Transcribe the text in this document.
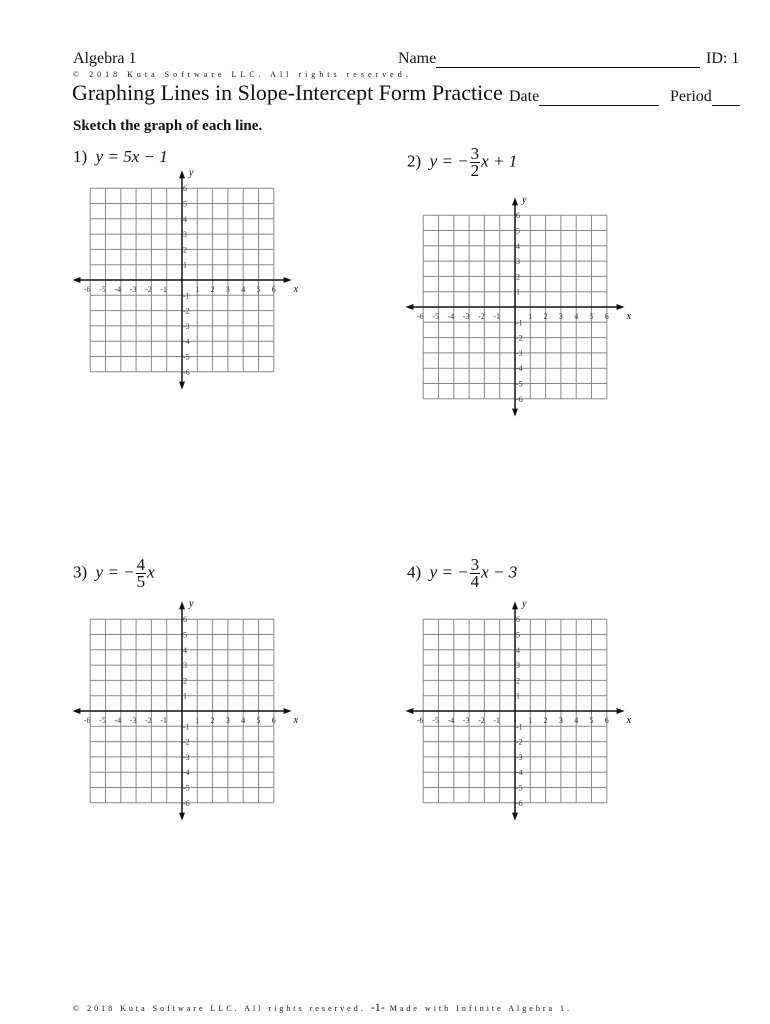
Algebra 1	Name	ID: 1
© 2018 Kuta Software LLC. All rights reserved.
Graphing Lines in Slope-Intercept Form Practice Date	Period
Sketch the graph of each line.
1) y = 5x − 1	2) y = − $\frac{3}{2}$ x + 1
3) y = − $\frac{4}{5}$ x	4) y = − $\frac{3}{4}$ x − 3
-6
-6
-5
-5
-4
-4
-3
-3
-2
-2
-1
-1
1
1
2
2
3
3
4
4
5
5
6
6
x
y
-6
-6
-5
-5
-4
-4
-3
-3
-2
-2
-1
-1
1
1
2
2
3
3
4
4
5
5
6
6
x
y
-6
-6
-5
-5
-4
-4
-3
-3
-2
-2
-1
-1
1
1
2
2
3
3
4
4
5
5
6
6
x
y
-6
-6
-5
-5
-4
-4
-3
-3
-2
-2
-1
-1
1
1
2
2
3
3
4
4
5
5
6
6
x
y
© 2018 Kuta Software LLC. All rights reserved. -1- Made with Infinite Algebra 1.
